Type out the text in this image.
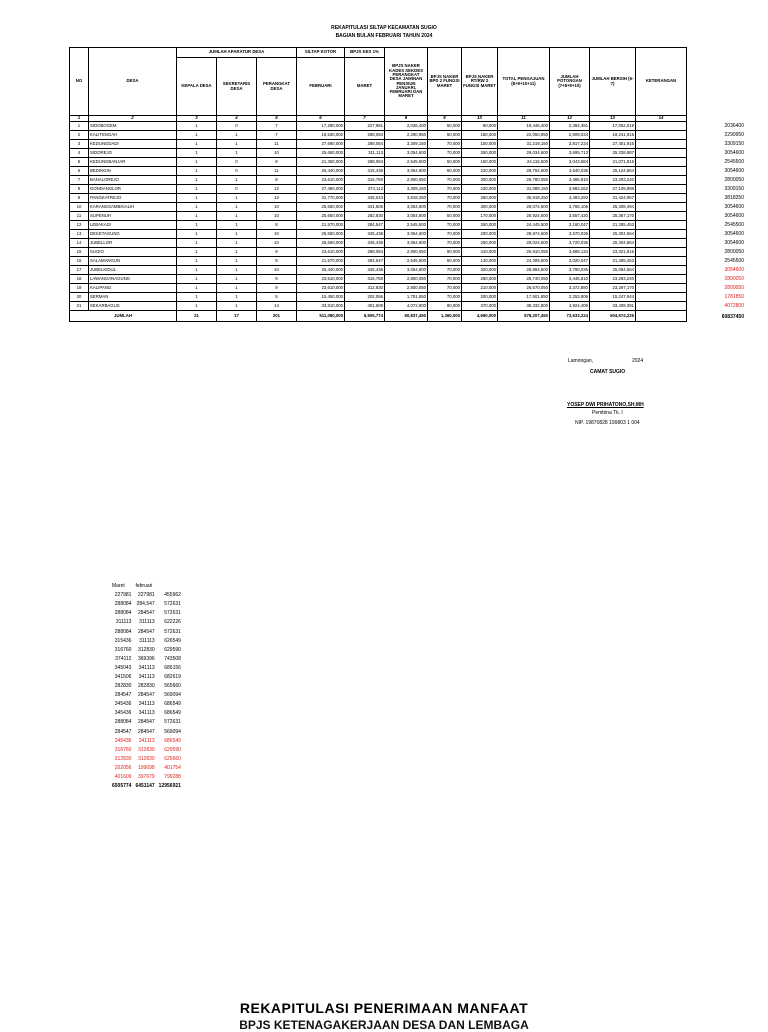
REKAPITULASI SILTAP KECAMATAN SUGIO
BAGIAN BULAN FEBRUARI TAHUN 2024
NO	DESA	JUMLAH APARATUR DESA			SILTAP KOTOR	BPJS KES 1%	BPJS NAKER KADES SEKDES PERANGKAT DESA JAMINAN PENSIUN JANUARI, FEBRUARI DAN MARET	BPJS NAKER BPD 2 FUNGSI MARET	BPJS NAKER RT/RW 2 FUNGSI MARET	TOTAL PENGAJUAN (8+9+10+11)	JUMLAH POTONGAN (7+8+9+10)	JUMLAH BERSIH (6-7)	KETERANGAN
		KEPALA DESA	SEKRETARIS DESA	PERANGKAT DESA	FEBRUARI	MARET							
1	2	3	4	5	6	7	8	9	10	11	12	13	14
1	SIDOBOGEM	1	0	7	17,280,000	227,981	2,036,400	50,000	80,000	19,446,400	2,394,381	17,052,019	
2	KALITENGAH	1	1	7	19,530,000	288,084	2,290,950	50,000	180,000	22,050,950	2,809,034	19,241,916	
3	KEDUNGDADI	1	1	11	27,690,000	288,084	3,309,150	70,000	150,000	31,219,150	3,817,234	27,401,916	
4	SIDOREJO	1	1	10	25,650,000	311,113	3,054,600	70,000	260,000	29,034,600	3,695,713	25,338,887	
5	KEDUNGBANJAR	1	0	9	21,360,000	288,084	2,545,500	50,000	160,000	24,115,500	3,043,584	21,071,916	
6	BEDINGIN	1	0	11	25,440,000	315,436	3,054,600	50,000	220,000	28,764,600	3,640,036	25,124,564	
7	BANALOREJO	1	1	8	23,610,000	316,760	2,800,050	70,000	300,000	26,780,050	3,486,810	23,293,240	
8	GONDANGLOR	1	0	12	27,480,000	374,112	3,309,150	70,000	230,000	31,089,150	3,983,262	27,105,888	
9	PANGKATREJO	1	1	13	31,770,000	345,043	3,818,250	70,000	260,000	35,918,250	4,493,293	31,424,957	
10	KARANGSAMBIGALIH	1	1	10	25,650,000	341,506	3,054,600	70,000	300,000	29,074,600	3,766,106	25,308,494	
11	SUPENUH	1	1	10	25,650,000	282,830	3,054,600	50,000	170,000	28,924,600	3,557,430	25,367,170	
12	LEBAKADI	1	1	8	21,570,000	284,547	2,545,500	70,000	260,000	24,445,500	3,160,047	21,285,453	
13	DEKETAGUNG	1	1	10	25,650,000	345,436	3,054,600	70,000	200,000	28,974,600	3,670,036	25,304,564	
14	JUBELLOR	1	1	10	25,650,000	345,436	3,054,600	70,000	250,000	29,024,600	3,720,036	25,304,564	
15	SUGIO	1	1	9	23,610,000	288,084	2,800,050	90,000	410,000	26,910,050	3,588,134	23,321,916	
16	SALAMANGUN	1	1	8	21,570,000	284,547	2,545,500	50,000	140,000	24,305,500	3,020,047	21,285,453	
17	JUBELKIDUL	1	1	10	25,440,000	345,436	3,054,600	70,000	320,000	28,884,600	3,790,036	25,094,564	
18	LAWANGANAGUNG	1	1	9	23,610,000	316,760	2,800,050	70,000	260,000	26,740,050	3,446,810	23,293,240	
19	KALIPANG	1	1	9	23,610,000	312,830	2,800,050	70,000	210,000	26,670,050	3,372,880	23,297,170	
20	SERMAN	1	1	5	15,450,000	202,056	1,781,850	70,000	200,000	17,501,850	2,253,906	15,247,944	
21	SEKARBAGUS	1	1	14	33,810,000	401,609	4,072,800	80,000	370,000	38,332,800	4,924,409	33,408,391	
JUMLAH		21	17	201	511,080,000	6,505,774	60,837,450	1,360,000	4,690,000	578,207,450	73,633,224	504,574,226	
2036400
2290950
3309150
3054600
2545500
3054600
2800050
3309150
3818250
3054600
3054600
2545500
3054600
3054600
2800050
2545500
3054600
2800050
2800050
1781850
4072800
60837450
Lamongan,	2024
CAMAT SUGIO
YOSEP DWI PRIHATONO,SH.MH
Pembina Tk. I
NIP. 19870828 199803 1 004
Maret	februari	
227981	227981	455962
288084	284,547	572631
288084	284547	572631
311113	311113	622226
288084	284547	572631
315436	311113	626549
316760	312830	629590
374112	369396	743508
345043	341113	686156
341506	341113	682619
282830	282830	565660
284547	284547	569094
345436	341113	686549
345436	341113	686549
288084	284547	572631
284547	284547	569094
345436	341113	686549
316760	312830	629590
312830	312830	625660
202056	199698	401754
401609	397679	799288
6505774	6451147	12956921
REKAPITULASI PENERIMAAN MANFAAT
BPJS KETENAGAKERJAAN DESA DAN LEMBAGA
